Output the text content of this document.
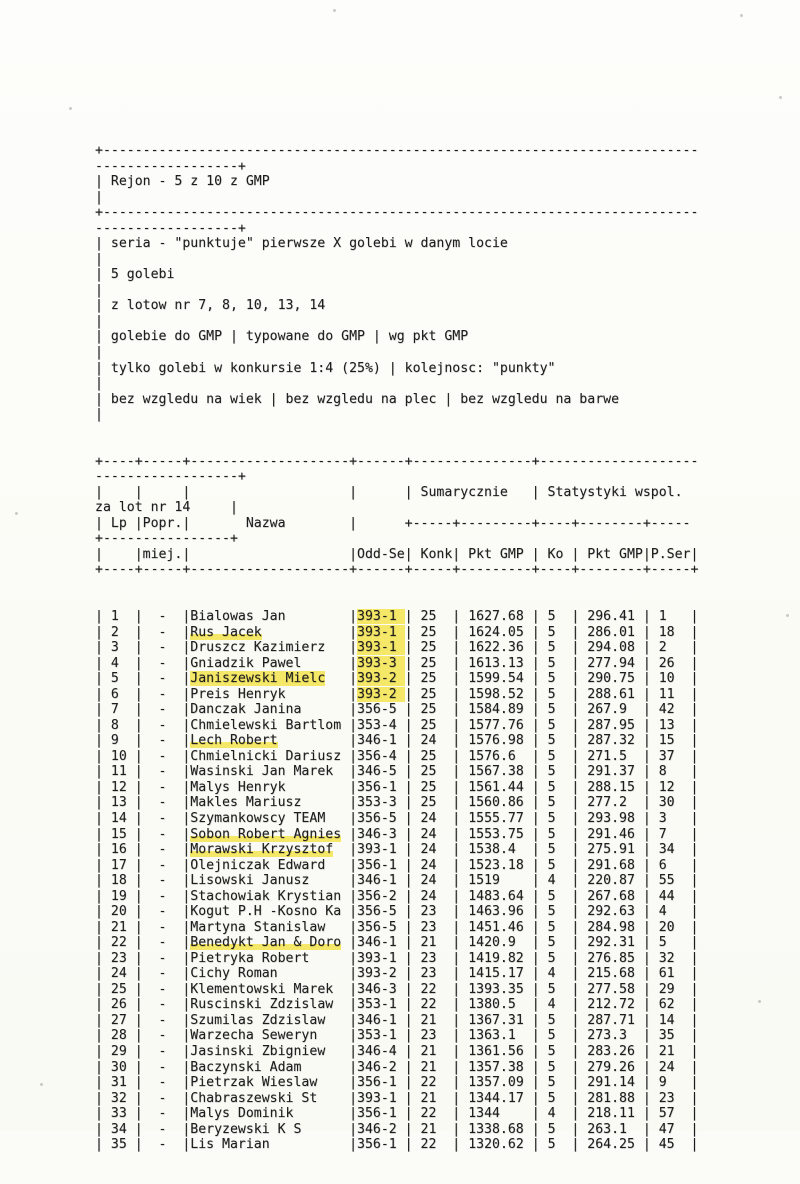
+---------------------------------------------------------------------------
------------------+
| Rejon - 5 z 10 z GMP
|
+---------------------------------------------------------------------------
------------------+
| seria - "punktuje" pierwsze X golebi w danym locie
|
| 5 golebi
|
| z lotow nr 7, 8, 10, 13, 14
|
| golebie do GMP | typowane do GMP | wg pkt GMP
|
| tylko golebi w konkursie 1:4 (25%) | kolejnosc: "punkty"
|
| bez wzgledu na wiek | bez wzgledu na plec | bez wzgledu na barwe
|

+----+-----+--------------------+------+---------------+--------------------
------------------+
|    |     |                    |      | Sumarycznie   | Statystyki wspol.
za lot nr 14     |
| Lp |Popr.|       Nazwa        |      +-----+---------+----+--------+-----
+----------------+
|    |miej.|                    |Odd-Se| Konk| Pkt GMP | Ko | Pkt GMP|P.Ser|
+----+-----+--------------------+------+-----+---------+----+--------+-----+

| 1  |  -  |Bialowas Jan        |393-1 | 25  | 1627.68 | 5  | 296.41 | 1   |
| 2  |  -  |Rus Jacek           |393-1 | 25  | 1624.05 | 5  | 286.01 | 18  |
| 3  |  -  |Druszcz Kazimierz   |393-1 | 25  | 1622.36 | 5  | 294.08 | 2   |
| 4  |  -  |Gniadzik Pawel      |393-3 | 25  | 1613.13 | 5  | 277.94 | 26  |
| 5  |  -  |Janiszewski Mielc   |393-2 | 25  | 1599.54 | 5  | 290.75 | 10  |
| 6  |  -  |Preis Henryk        |393-2 | 25  | 1598.52 | 5  | 288.61 | 11  |
| 7  |  -  |Danczak Janina      |356-5 | 25  | 1584.89 | 5  | 267.9  | 42  |
| 8  |  -  |Chmielewski Bartlom |353-4 | 25  | 1577.76 | 5  | 287.95 | 13  |
| 9  |  -  |Lech Robert         |346-1 | 24  | 1576.98 | 5  | 287.32 | 15  |
| 10 |  -  |Chmielnicki Dariusz |356-4 | 25  | 1576.6  | 5  | 271.5  | 37  |
| 11 |  -  |Wasinski Jan Marek  |346-5 | 25  | 1567.38 | 5  | 291.37 | 8   |
| 12 |  -  |Malys Henryk        |356-1 | 25  | 1561.44 | 5  | 288.15 | 12  |
| 13 |  -  |Makles Mariusz      |353-3 | 25  | 1560.86 | 5  | 277.2  | 30  |
| 14 |  -  |Szymankowscy TEAM   |356-5 | 24  | 1555.77 | 5  | 293.98 | 3   |
| 15 |  -  |Sobon Robert Agnies |346-3 | 24  | 1553.75 | 5  | 291.46 | 7   |
| 16 |  -  |Morawski Krzysztof  |393-1 | 24  | 1538.4  | 5  | 275.91 | 34  |
| 17 |  -  |Olejniczak Edward   |356-1 | 24  | 1523.18 | 5  | 291.68 | 6   |
| 18 |  -  |Lisowski Janusz     |346-1 | 24  | 1519    | 4  | 220.87 | 55  |
| 19 |  -  |Stachowiak Krystian |356-2 | 24  | 1483.64 | 5  | 267.68 | 44  |
| 20 |  -  |Kogut P.H -Kosno Ka |356-5 | 23  | 1463.96 | 5  | 292.63 | 4   |
| 21 |  -  |Martyna Stanislaw   |356-5 | 23  | 1451.46 | 5  | 284.98 | 20  |
| 22 |  -  |Benedykt Jan & Doro |346-1 | 21  | 1420.9  | 5  | 292.31 | 5   |
| 23 |  -  |Pietryka Robert     |393-1 | 23  | 1419.82 | 5  | 276.85 | 32  |
| 24 |  -  |Cichy Roman         |393-2 | 23  | 1415.17 | 4  | 215.68 | 61  |
| 25 |  -  |Klementowski Marek  |346-3 | 22  | 1393.35 | 5  | 277.58 | 29  |
| 26 |  -  |Ruscinski Zdzislaw  |353-1 | 22  | 1380.5  | 4  | 212.72 | 62  |
| 27 |  -  |Szumilas Zdzislaw   |346-1 | 21  | 1367.31 | 5  | 287.71 | 14  |
| 28 |  -  |Warzecha Seweryn    |353-1 | 23  | 1363.1  | 5  | 273.3  | 35  |
| 29 |  -  |Jasinski Zbigniew   |346-4 | 21  | 1361.56 | 5  | 283.26 | 21  |
| 30 |  -  |Baczynski Adam      |346-2 | 21  | 1357.38 | 5  | 279.26 | 24  |
| 31 |  -  |Pietrzak Wieslaw    |356-1 | 22  | 1357.09 | 5  | 291.14 | 9   |
| 32 |  -  |Chabraszewski St    |393-1 | 21  | 1344.17 | 5  | 281.88 | 23  |
| 33 |  -  |Malys Dominik       |356-1 | 22  | 1344    | 4  | 218.11 | 57  |
| 34 |  -  |Beryzewski K S      |346-2 | 21  | 1338.68 | 5  | 263.1  | 47  |
| 35 |  -  |Lis Marian          |356-1 | 22  | 1320.62 | 5  | 264.25 | 45  |
